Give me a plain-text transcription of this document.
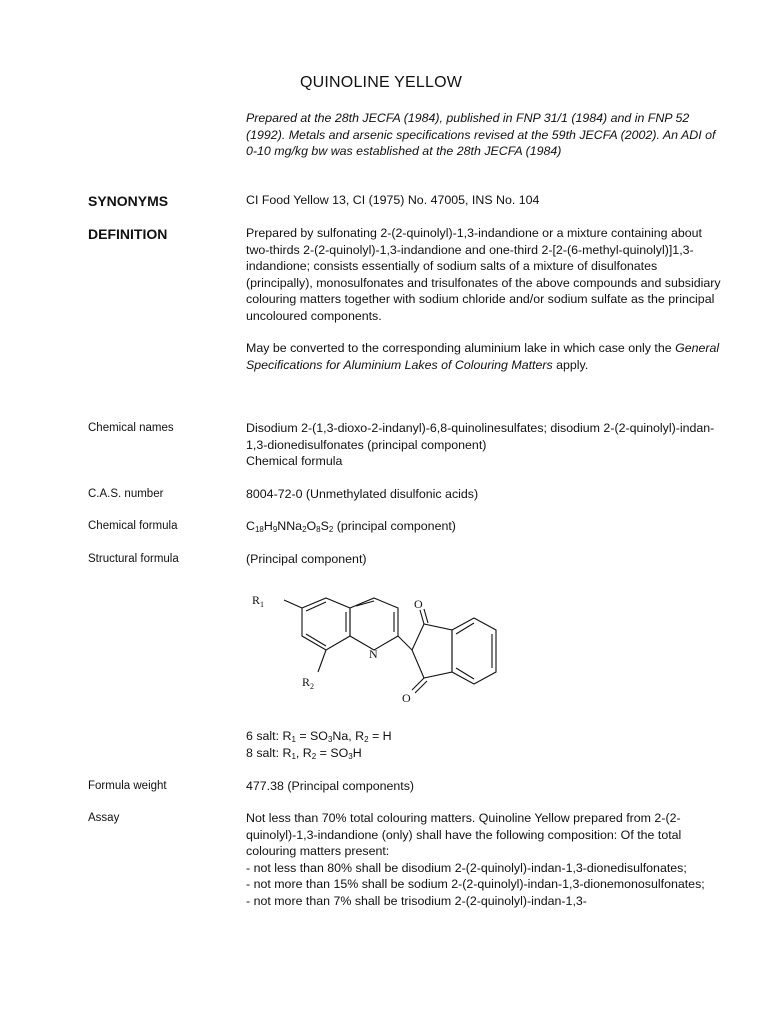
QUINOLINE YELLOW
Prepared at the 28th JECFA (1984), published in FNP 31/1 (1984) and in FNP 52 (1992). Metals and arsenic specifications revised at the 59th JECFA (2002). An ADI of 0-10 mg/kg bw was established at the 28th JECFA (1984)
SYNONYMS	CI Food Yellow 13, CI (1975) No. 47005, INS No. 104
DEFINITION	Prepared by sulfonating 2-(2-quinolyl)-1,3-indandione or a mixture containing about two-thirds 2-(2-quinolyl)-1,3-indandione and one-third 2-[2-(6-methyl-quinolyl)]1,3-indandione; consists essentially of sodium salts of a mixture of disulfonates (principally), monosulfonates and trisulfonates of the above compounds and subsidiary colouring matters together with sodium chloride and/or sodium sulfate as the principal uncoloured components.

May be converted to the corresponding aluminium lake in which case only the General Specifications for Aluminium Lakes of Colouring Matters apply.

Chemical names	Disodium 2-(1,3-dioxo-2-indanyl)-6,8-quinolinesulfates; disodium 2-(2-quinolyl)-indan-1,3-dionedisulfonates (principal component)

Chemical formula

C.A.S. number	8004-72-0 (Unmethylated disulfonic acids)
Chemical formula	$C_{18}H_9NNa_2O_8S_2$ (principal component)
Structural formula	(Principal component)
$R_1$
$R_2$
N
O
O
6 salt: $R_1 = SO_3Na$, $R_2 = H$
8 salt: $R_1$, $R_2 = SO_3H$
Formula weight	477.38 (Principal components)
Assay	Not less than 70% total colouring matters. Quinoline Yellow prepared from 2-(2-quinolyl)-1,3-indandione (only) shall have the following composition: Of the total colouring matters present:

- not less than 80% shall be disodium 2-(2-quinolyl)-indan-1,3-dionedisulfonates;
- not more than 15% shall be sodium 2-(2-quinolyl)-indan-1,3-dionemonosulfonates;
- not more than 7% shall be trisodium 2-(2-quinolyl)-indan-1,3-
